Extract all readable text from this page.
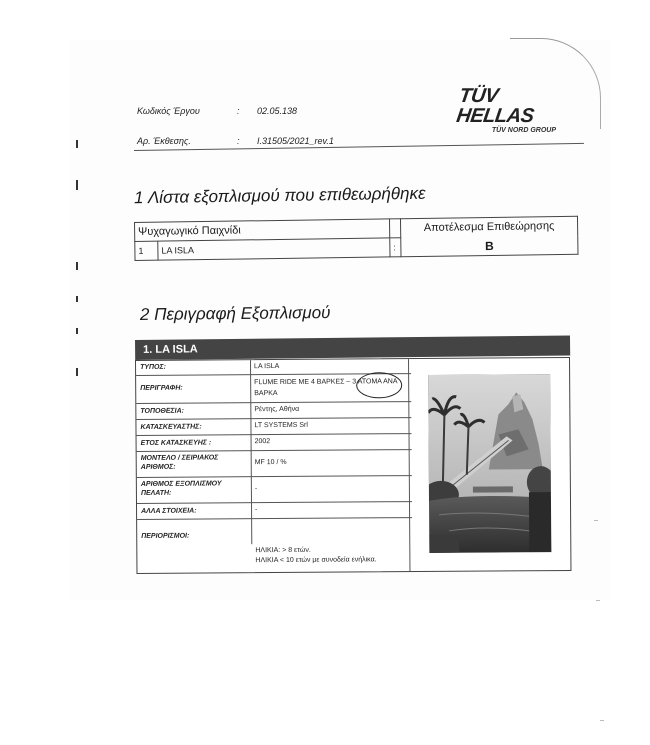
Κωδικός Έργου	: 02.05.138
Αρ. Έκθεσης.	: I.31505/2021_rev.1
TÜV HELLAS
TÜV NORD GROUP
1 Λίστα εξοπλισμού που επιθεωρήθηκε
Ψυχαγωγικό Παιχνίδι			Αποτέλεσμα Επιθεώρησης
1	LA ISLA	:	B
2 Περιγραφή Εξοπλισμού
1. LA ISLA
ΤΥΠΟΣ:	LA ISLA
ΠΕΡΙΓΡΑΦΗ:
FLUME RIDE ME 4 ΒΑΡΚΕΣ – 3 ΑΤΟΜΑ ΑΝΑ ΒΑΡΚΑ
ΤΟΠΟΘΕΣΙΑ:	Ρέντης, Αθήνα
ΚΑΤΑΣΚΕΥΑΣΤΗΣ:	LT SYSTEMS Srl
ΕΤΟΣ ΚΑΤΑΣΚΕΥΗΣ :	2002
ΜΟΝΤΕΛΟ / ΣΕΙΡΙΑΚΟΣ ΑΡΙΘΜΟΣ:
MF 10 / %
ΑΡΙΘΜΟΣ ΕΞΟΠΛΙΣΜΟΥ ΠΕΛΑΤΗ:
-
ΑΛΛΑ ΣΤΟΙΧΕΙΑ:	-
ΠΕΡΙΟΡΙΣΜΟΙ:
ΗΛΙΚΙΑ: > 8 ετών.
ΗΛΙΚΙΑ < 10 ετών με συνοδεία ενήλικα.
